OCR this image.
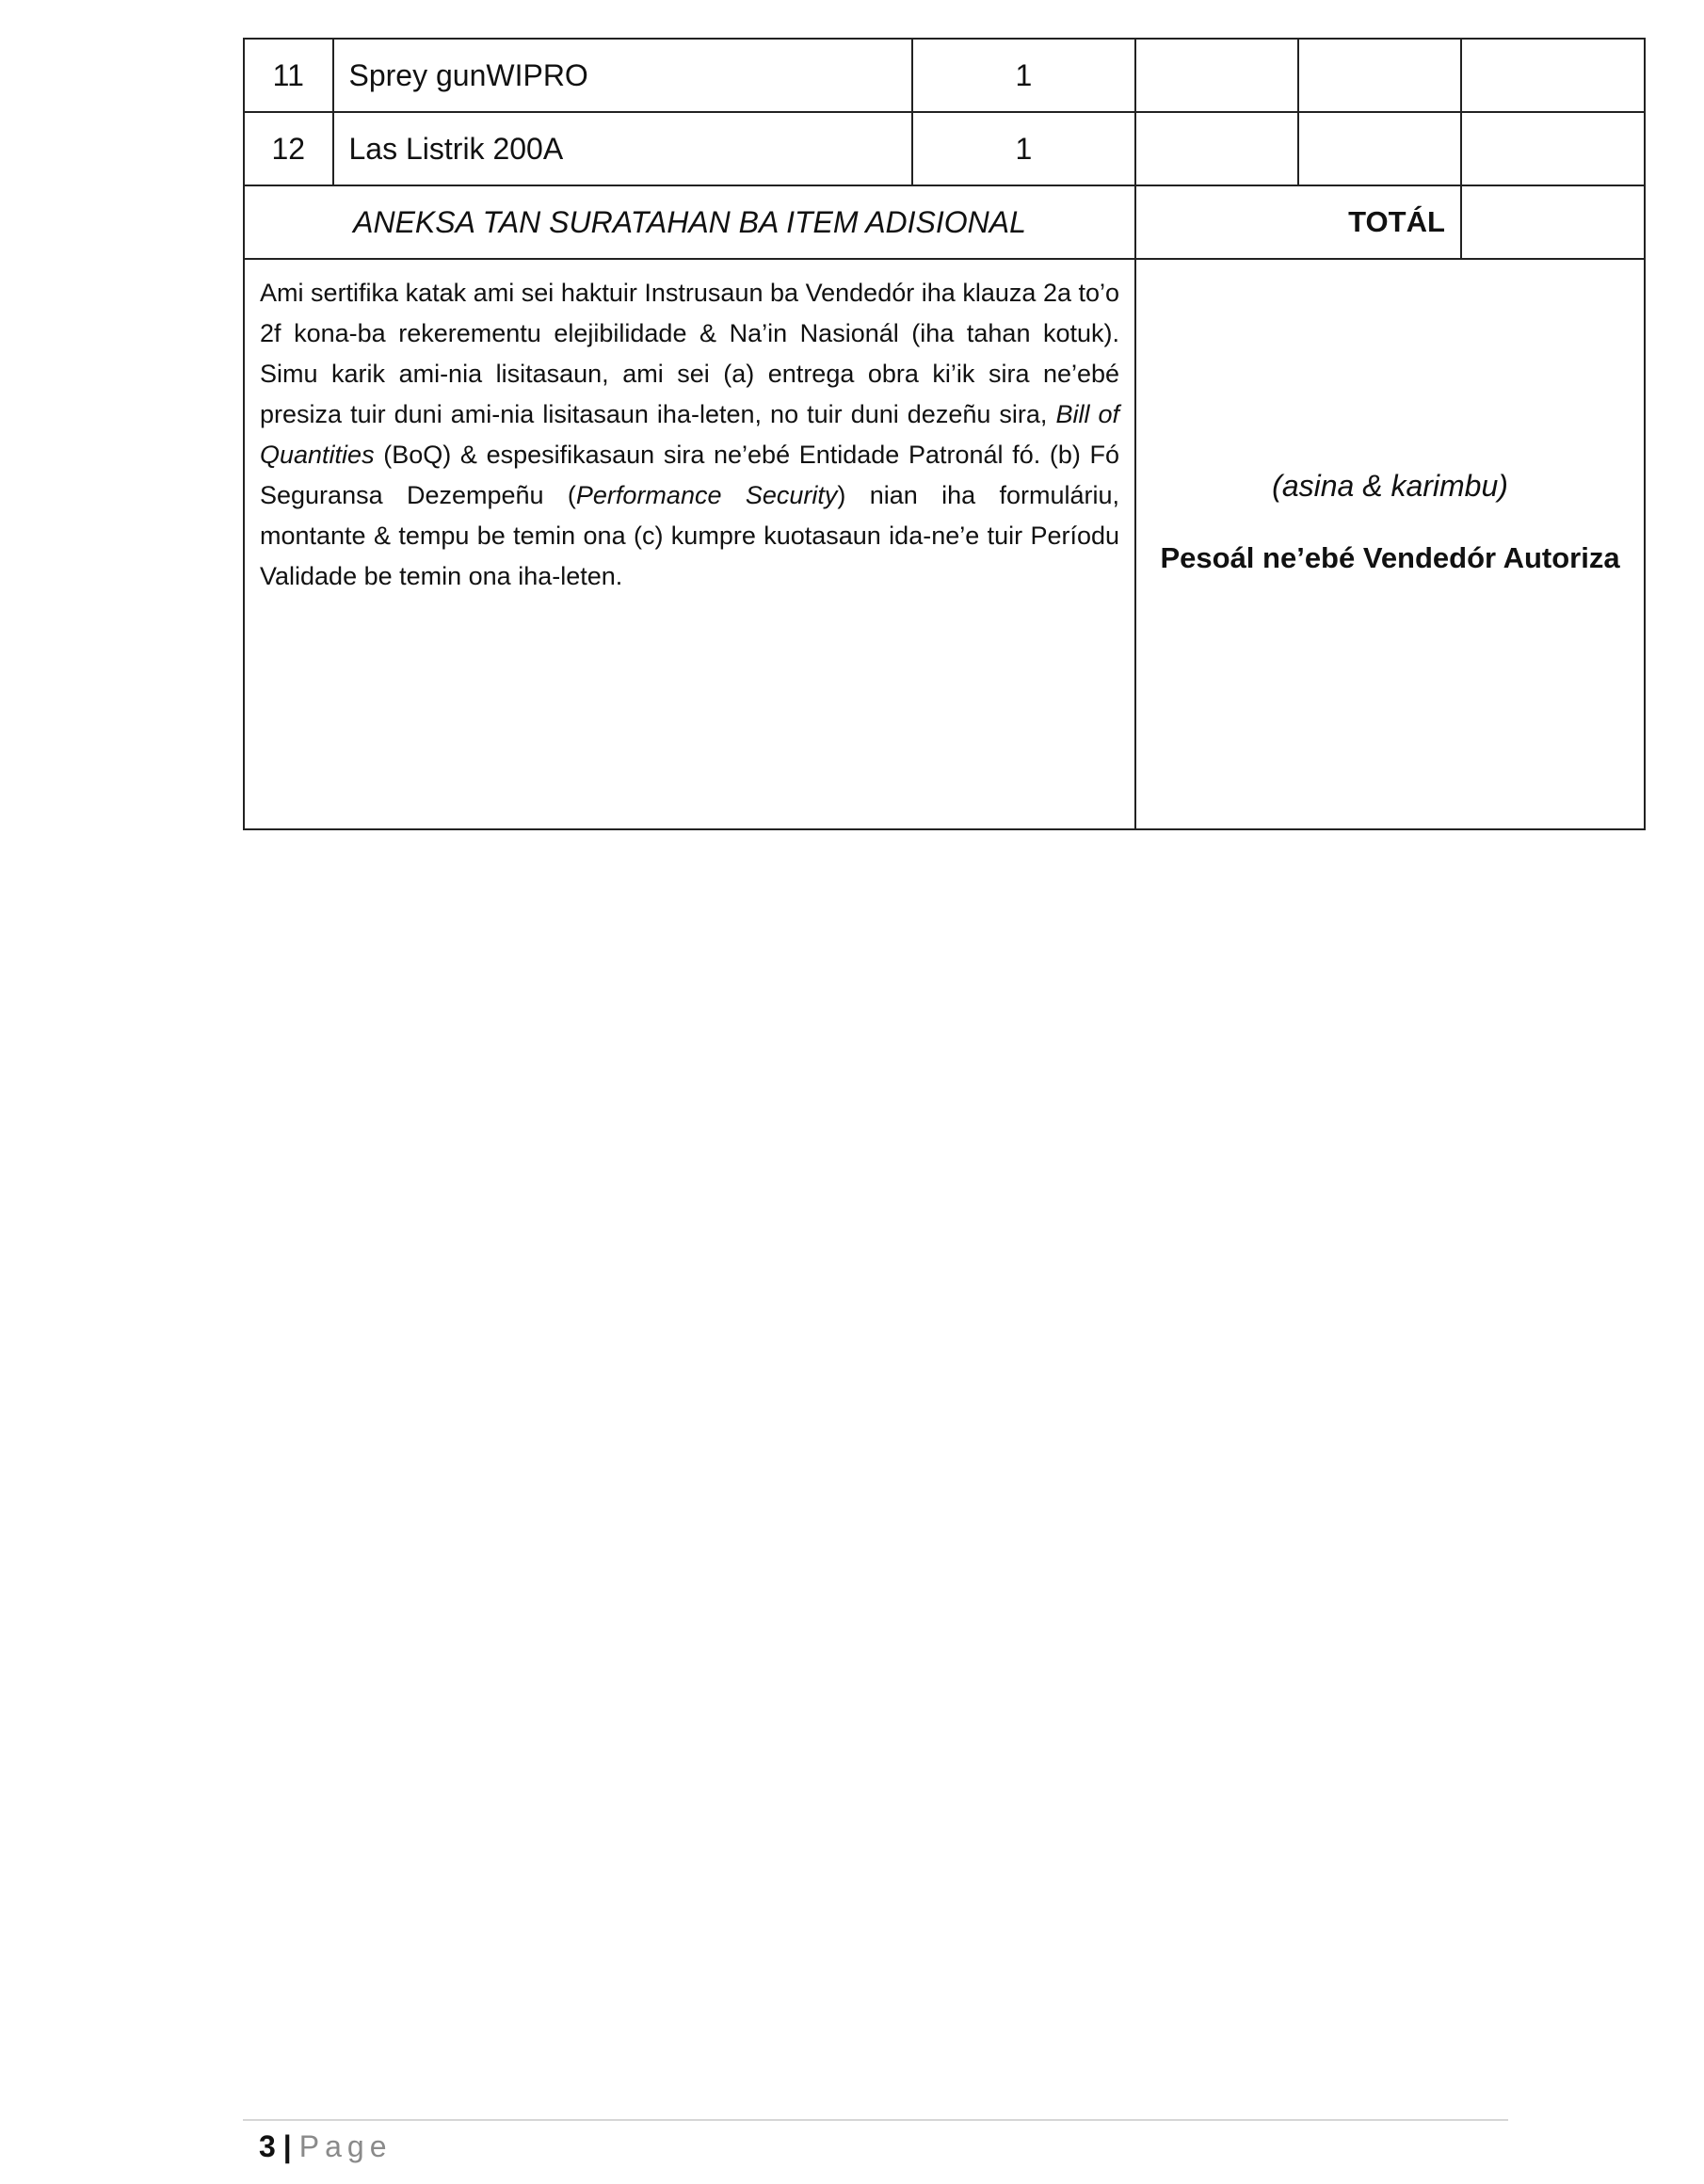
11	Sprey gunWIPRO	1			
12	Las Listrik 200A	1			
ANEKSA TAN SURATAHAN BA ITEM ADISIONAL			TOTÁL		
Ami sertifika katak ami sei haktuir Instrusaun ba Vendedór iha klauza 2a to’o 2f kona-ba rekerementu elejibilidade & Na’in Nasionál (iha tahan kotuk). Simu karik ami-nia lisitasaun, ami sei (a) entrega obra ki’ik sira ne’ebé presiza tuir duni ami-nia lisitasaun iha-leten, no tuir duni dezeñu sira, Bill of Quantities (BoQ) & espesifikasaun sira ne’ebé Entidade Patronál fó. (b) Fó Seguransa Dezempeñu (Performance Security) nian iha formuláriu, montante & tempu be temin ona (c) kumpre kuotasaun ida-ne’e tuir Períodu Validade be temin ona iha-leten.			(asina & karimbu)
Pesoál ne’ebé Vendedór Autoriza		
3 | Page
